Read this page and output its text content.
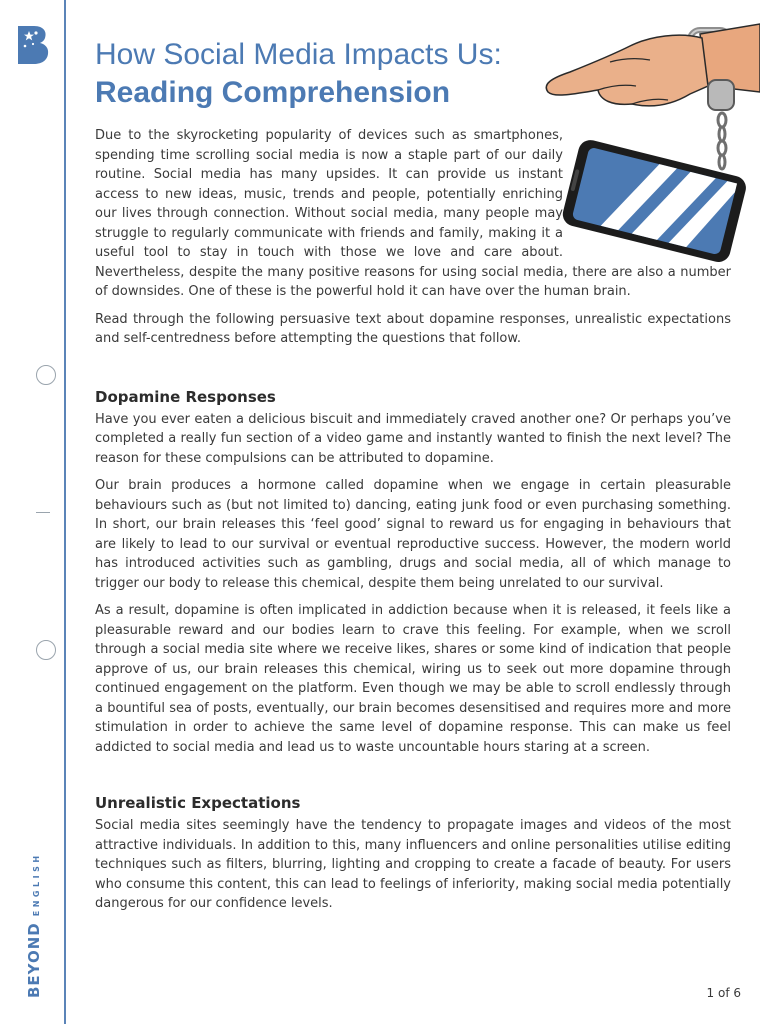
BEYONDENGLISH
How Social Media Impacts Us:
Reading Comprehension

Due to the skyrocketing popularity of devices such as smartphones, spending time scrolling social media is now a staple part of our daily routine. Social media has many upsides. It can provide us instant access to new ideas, music, trends and people, potentially enriching our lives through connection. Without social media, many people may struggle to regularly communicate with friends and family, making it a useful tool to stay in touch with those we love and care about. Nevertheless, despite the many positive reasons for using social media, there are also a number of downsides. One of these is the powerful hold it can have over the human brain.

Read through the following persuasive text about dopamine responses, unrealistic expectations and self-centredness before attempting the questions that follow.

Dopamine Responses

Have you ever eaten a delicious biscuit and immediately craved another one? Or perhaps you’ve completed a really fun section of a video game and instantly wanted to finish the next level? The reason for these compulsions can be attributed to dopamine.

Our brain produces a hormone called dopamine when we engage in certain pleasurable behaviours such as (but not limited to) dancing, eating junk food or even purchasing something. In short, our brain releases this ‘feel good’ signal to reward us for engaging in behaviours that are likely to lead to our survival or eventual reproductive success. However, the modern world has introduced activities such as gambling, drugs and social media, all of which manage to trigger our body to release this chemical, despite them being unrelated to our survival.

As a result, dopamine is often implicated in addiction because when it is released, it feels like a pleasurable reward and our bodies learn to crave this feeling. For example, when we scroll through a social media site where we receive likes, shares or some kind of indication that people approve of us, our brain releases this chemical, wiring us to seek out more dopamine through continued engagement on the platform. Even though we may be able to scroll endlessly through a bountiful sea of posts, eventually, our brain becomes desensitised and requires more and more stimulation in order to achieve the same level of dopamine response. This can make us feel addicted to social media and lead us to waste uncountable hours staring at a screen.

Unrealistic Expectations

Social media sites seemingly have the tendency to propagate images and videos of the most attractive individuals. In addition to this, many influencers and online personalities utilise editing techniques such as filters, blurring, lighting and cropping to create a facade of beauty. For users who consume this content, this can lead to feelings of inferiority, making social media potentially dangerous for our confidence levels.

1 of 6
